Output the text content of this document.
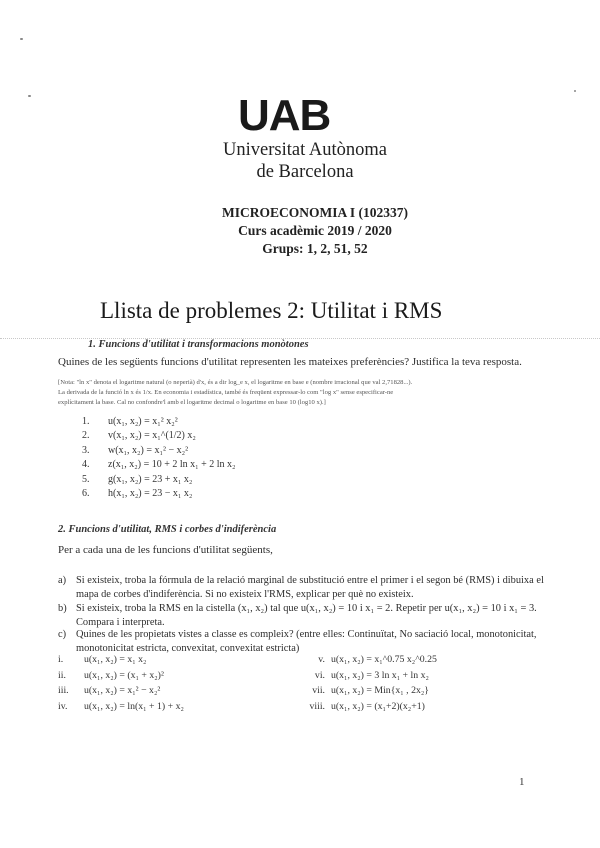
UAB
Universitat Autònoma
de Barcelona
MICROECONOMIA I (102337)
Curs acadèmic 2019 / 2020
Grups: 1, 2, 51, 52
Llista de problemes 2: Utilitat i RMS
1. Funcions d'utilitat i transformacions monòtones
Quines de les següents funcions d'utilitat representen les mateixes preferències? Justifica la teva resposta.
[Nota: "ln x" denota el logaritme natural (o neperià) d'x, és a dir log_e x, el logaritme en base e (nombre irracional que val 2,71828...).
La derivada de la funció ln x és 1/x. En economia i estadística, també és freqüent expressar-lo com "log x" sense especificar-ne
explícitament la base. Cal no confondre'l amb el logaritme decimal o logaritme en base 10 (log10 x).]
1.	u(x₁, x₂) = x₁² x₂²
2.	v(x₁, x₂) = x₁^(1/2) x₂
3.	w(x₁, x₂) = x₁² − x₂²
4.	z(x₁, x₂) = 10 + 2 ln x₁ + 2 ln x₂
5.	g(x₁, x₂) = 23 + x₁ x₂
6.	h(x₁, x₂) = 23 − x₁ x₂
2. Funcions d'utilitat, RMS i corbes d'indiferència
Per a cada una de les funcions d'utilitat següents,
a) Si existeix, troba la fórmula de la relació marginal de substitució entre el primer i el segon bé (RMS) i dibuixa el mapa de corbes d'indiferència. Si no existeix l'RMS, explicar per què no existeix.
b) Si existeix, troba la RMS en la cistella (x₁, x₂) tal que u(x₁, x₂) = 10 i x₁ = 2. Repetir per u(x₁, x₂) = 10 i x₁ = 3. Compara i interpreta.
c) Quines de les propietats vistes a classe es compleix? (entre elles: Continuïtat, No saciació local, monotonicitat, monotonicitat estricta, convexitat, convexitat estricta)
i.	u(x₁, x₂) = x₁ x₂
ii.	u(x₁, x₂) = (x₁ + x₂)²
iii.	u(x₁, x₂) = x₁² − x₂²
iv.	u(x₁, x₂) = ln(x₁ + 1) + x₂
v. u(x₁, x₂) = x₁^0.75 x₂^0.25
vi. u(x₁, x₂) = 3 ln x₁ + ln x₂
vii. u(x₁, x₂) = Min{x₁ , 2x₂}
viii. u(x₁, x₂) = (x₁+2)(x₂+1)
1
